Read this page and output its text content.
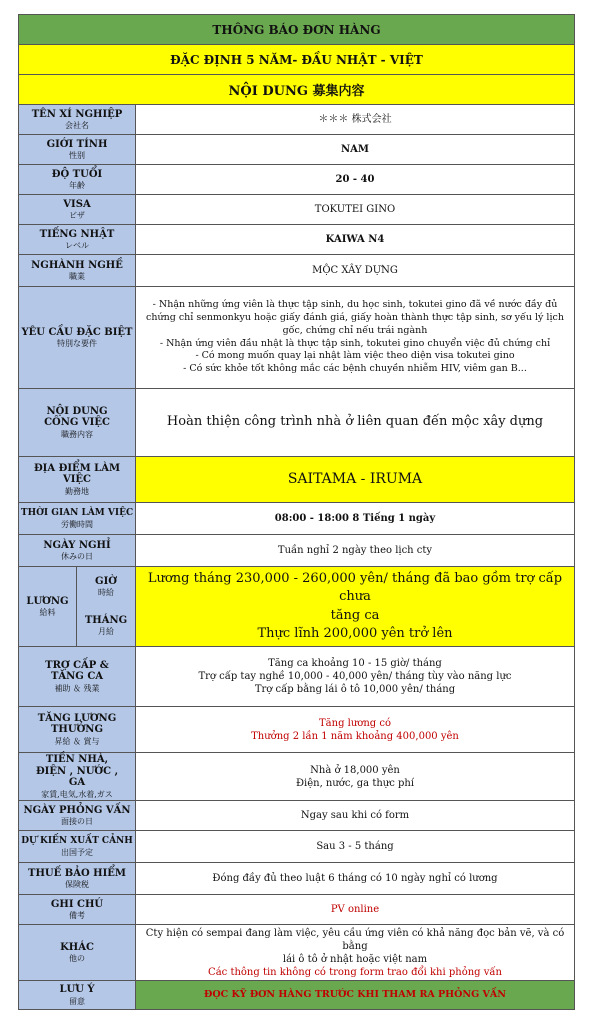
THÔNG BÁO ĐƠN HÀNG
ĐẶC ĐỊNH 5 NĂM- ĐẦU NHẬT - VIỆT
NỘI DUNG 募集内容
TÊN XÍ NGHIỆP
会社名
＊＊＊ 株式会社
GIỚI TÍNH
性别
NAM
ĐỘ TUỔI
年齢
20 - 40
VISA
ビザ
TOKUTEI GINO
TIẾNG NHẬT
レベル
KAIWA N4
NGHÀNH NGHỀ
職業
MỘC XÂY DỰNG
YÊU CẦU ĐẶC BIỆT
特別な要件
- Nhận những ứng viên là thực tập sinh, du học sinh, tokutei gino đã về nước đầy đủ
chứng chỉ senmonkyu hoặc giấy đánh giá, giấy hoàn thành thực tập sinh, sơ yếu lý lịch
gốc, chứng chỉ nếu trái ngành
- Nhận ứng viên đầu nhật là thực tập sinh, tokutei gino chuyển việc đủ chứng chỉ
- Có mong muốn quay lại nhật làm việc theo diện visa tokutei gino
- Có sức khỏe tốt không mắc các bệnh chuyền nhiễm HIV, viêm gan B...
NỘI DUNG CÔNG VIỆC
職務内容
Hoàn thiện công trình nhà ở liên quan đến mộc xây dựng
ĐỊA ĐIỂM LÀM VIỆC
勤務地
SAITAMA - IRUMA
THỜI GIAN LÀM VIỆC
労働時間
08:00 - 18:00 8 Tiếng 1 ngày
NGÀY NGHỈ
休みの日
Tuần nghỉ 2 ngày theo lịch cty
LƯƠNG
給料
GIỜ
時給
THÁNG
月給
Lương tháng 230,000 - 260,000 yên/ tháng đã bao gồm trợ cấp chưa
tăng ca
Thực lĩnh 200,000 yên trở lên
TRỢ CẤP & TĂNG CA
補助 ＆ 残業
Tăng ca khoảng 10 - 15 giờ/ tháng
Trợ cấp tay nghề 10,000 - 40,000 yên/ tháng tùy vào năng lực
Trợ cấp bằng lái ô tô 10,000 yên/ tháng
TĂNG LƯƠNG THƯỞNG
昇給 ＆ 賞与
Tăng lương có
Thưởng 2 lần 1 năm khoảng 400,000 yên
TIỀN NHÀ, ĐIỆN , NƯỚC , GA
家賃,电気,水着,ガス
Nhà ở 18,000 yên
Điện, nước, ga thực phí
NGÀY PHỎNG VẤN
面接の日
Ngay sau khi có form
DỰ KIẾN XUẤT CẢNH
出国予定
Sau 3 - 5 tháng
THUẾ BẢO HIỂM
保険税
Đóng đầy đủ theo luật 6 tháng có 10 ngày nghỉ có lương
GHI CHÚ
備考
PV online
KHÁC
他の
Cty hiện có sempai đang làm việc, yêu cầu ứng viên có khả năng đọc bản vẽ, và có bằng
lái ô tô ở nhật hoặc việt nam
Các thông tin không có trong form trao đổi khi phỏng vấn
LƯU Ý
留意
ĐỌC KỸ ĐƠN HÀNG TRƯỚC KHI THAM RA PHỎNG VẤN
